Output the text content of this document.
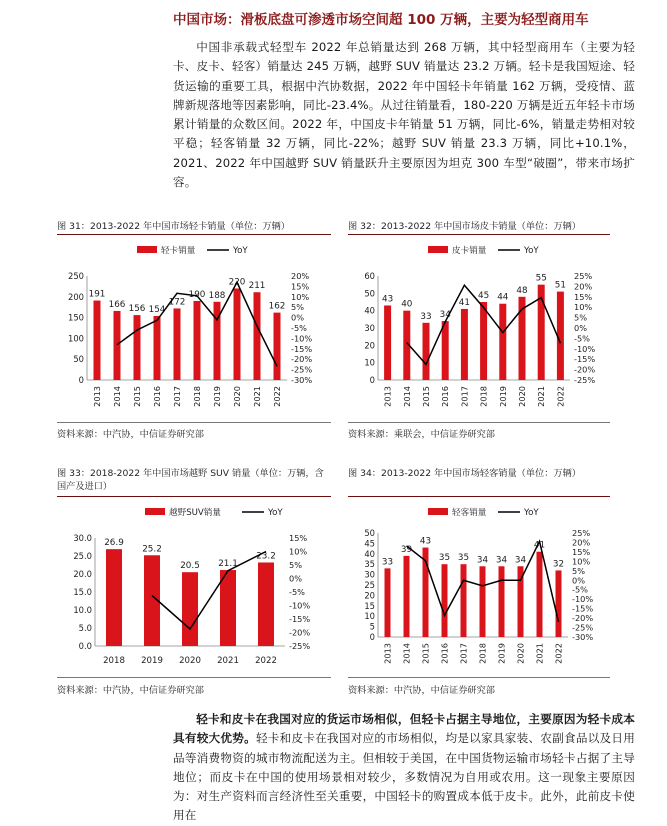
中国市场：滑板底盘可渗透市场空间超 100 万辆，主要为轻型商用车

中国非承载式轻型车 2022 年总销量达到 268 万辆，其中轻型商用车（主要为轻卡、皮卡、轻客）销量达 245 万辆，越野 SUV 销量达 23.2 万辆。轻卡是我国短途、轻货运输的重要工具，根据中汽协数据，2022 年中国轻卡年销量 162 万辆，受疫情、蓝牌新规落地等因素影响，同比-23.4%。从过往销量看，180-220 万辆是近五年轻卡市场累计销量的众数区间。2022 年，中国皮卡年销量 51 万辆，同比-6%，销量走势相对较平稳；轻客销量 32 万辆，同比-22%；越野 SUV 销量 23.3 万辆，同比+10.1%，2021、2022 年中国越野 SUV 销量跃升主要原因为坦克 300 车型“破圈”，带来市场扩容。

图 31：2013-2022 年中国市场轻卡销量（单位：万辆）
0
50
100
150
200
250
-30%
-25%
-20%
-15%
-10%
-5%
0%
5%
10%
15%
20%
191
166 156 154
172
190 188
220 211
162
2013 2014 2015 2016 2017 2018 2019 2020 2021 2022
轻卡销量	YoY
资料来源：中汽协，中信证券研究部
图 32：2013-2022 年中国市场皮卡销量（单位：万辆）
0
10
20
30
40
50
60
-25%
-20%
-15%
-10%
-5%
0%
5%
10%
15%
20%
25%
43
40
33 34
41
45 44
48
55
51
2013 2014 2015 2016 2017 2018 2019 2020 2021 2022
皮卡销量	YoY
资料来源：乘联会，中信证券研究部
图 33：2018-2022 年中国市场越野 SUV 销量（单位：万辆，含国产及进口）
0.0
5.0
10.0
15.0
20.0
25.0
30.0
-25%
-20%
-15%
-10%
-5%
0%
5%
10%
15%
26.9
25.2
20.5 21.1
23.2
2018 2019 2020 2021 2022
越野SUV销量	YoY
资料来源：中汽协，中信证券研究部
图 34：2013-2022 年中国市场轻客销量（单位：万辆）
0
5
10
15
20
25
30
35
40
45
50
-30%
-25%
-20%
-15%
-10%
-5%
0%
5%
10%
15%
20%
25%
33
39
43
35 35 34 34 34
41
32
2013 2014 2015 2016 2017 2018 2019 2020 2021 2022
轻客销量	YoY
资料来源：中汽协，中信证券研究部

轻卡和皮卡在我国对应的货运市场相似，但轻卡占据主导地位，主要原因为轻卡成本具有较大优势。轻卡和皮卡在我国对应的市场相似，均是以家具家装、农副食品以及日用品等消费物资的城市物流配送为主。但相较于美国，在中国货物运输市场轻卡占据了主导地位；而皮卡在中国的使用场景相对较少，多数情况为自用或农用。这一现象主要原因为：对生产资料而言经济性至关重要，中国轻卡的购置成本低于皮卡。此外，此前皮卡使用在
